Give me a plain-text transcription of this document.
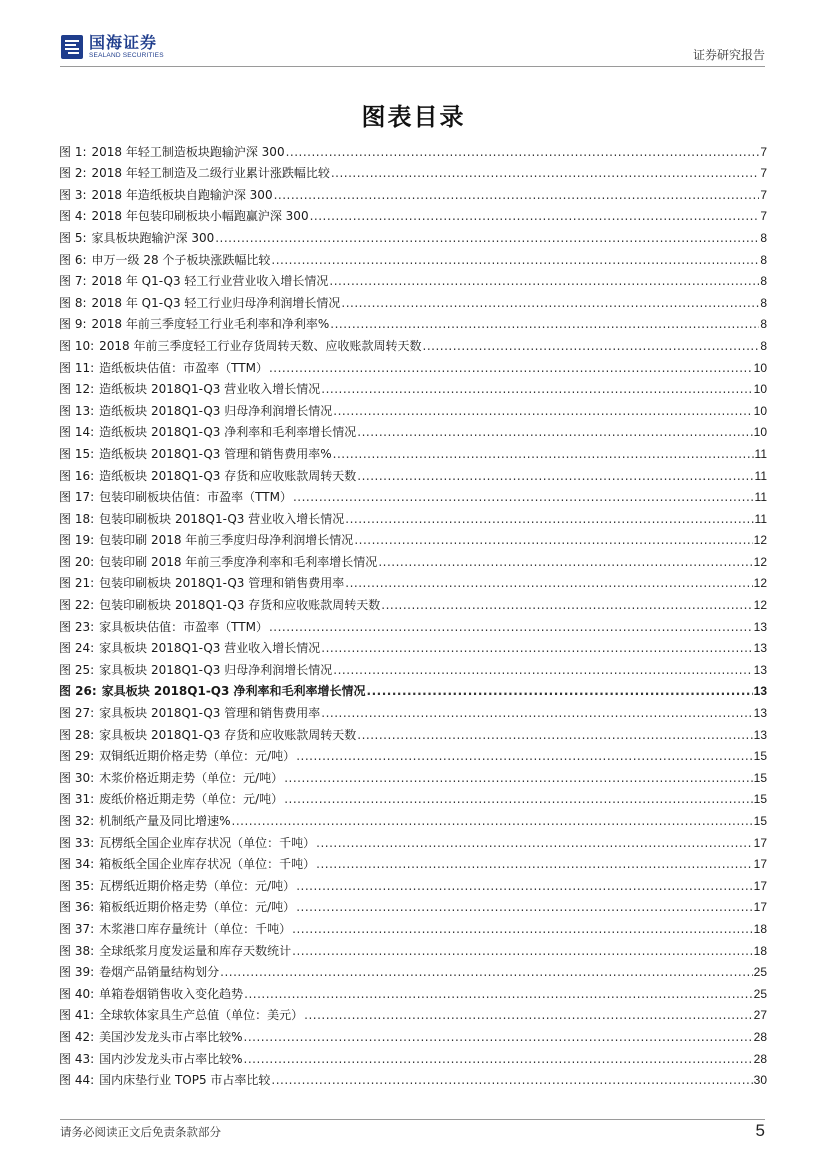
国海证券
SEALAND SECURITIES	证券研究报告
图表目录
图 1: 2018 年轻工制造板块跑输沪深 300 .....	7
图 2: 2018 年轻工制造及二级行业累计涨跌幅比较 .....	7
图 3: 2018 年造纸板块自跑输沪深 300 .....	7
图 4: 2018 年包装印刷板块小幅跑赢沪深 300 .....	7
图 5: 家具板块跑输沪深 300 .....	8
图 6: 申万一级 28 个子板块涨跌幅比较 .....	8
图 7: 2018 年 Q1-Q3 轻工行业营业收入增长情况 .....	8
图 8: 2018 年 Q1-Q3 轻工行业归母净利润增长情况 .....	8
图 9: 2018 年前三季度轻工行业毛利率和净利率% .....	8
图 10: 2018 年前三季度轻工行业存货周转天数、应收账款周转天数 .....	8
图 11: 造纸板块估值：市盈率（TTM） .....	10
图 12: 造纸板块 2018Q1-Q3 营业收入增长情况 .....	10
图 13: 造纸板块 2018Q1-Q3 归母净利润增长情况 .....	10
图 14: 造纸板块 2018Q1-Q3 净利率和毛利率增长情况 .....	10
图 15: 造纸板块 2018Q1-Q3 管理和销售费用率% .....	11
图 16: 造纸板块 2018Q1-Q3 存货和应收账款周转天数 .....	11
图 17: 包装印刷板块估值：市盈率（TTM） .....	11
图 18: 包装印刷板块 2018Q1-Q3 营业收入增长情况 .....	11
图 19: 包装印刷 2018 年前三季度归母净利润增长情况 .....	12
图 20: 包装印刷 2018 年前三季度净利率和毛利率增长情况 .....	12
图 21: 包装印刷板块 2018Q1-Q3 管理和销售费用率 .....	12
图 22: 包装印刷板块 2018Q1-Q3 存货和应收账款周转天数 .....	12
图 23: 家具板块估值：市盈率（TTM） .....	13
图 24: 家具板块 2018Q1-Q3 营业收入增长情况 .....	13
图 25: 家具板块 2018Q1-Q3 归母净利润增长情况 .....	13
图 26: 家具板块 2018Q1-Q3 净利率和毛利率增长情况 .....	13
图 27: 家具板块 2018Q1-Q3 管理和销售费用率 .....	13
图 28: 家具板块 2018Q1-Q3 存货和应收账款周转天数 .....	13
图 29: 双铜纸近期价格走势（单位：元/吨） .....	15
图 30: 木浆价格近期走势（单位：元/吨） .....	15
图 31: 废纸价格近期走势（单位：元/吨） .....	15
图 32: 机制纸产量及同比增速% .....	15
图 33: 瓦楞纸全国企业库存状况（单位：千吨） .....	17
图 34: 箱板纸全国企业库存状况（单位：千吨） .....	17
图 35: 瓦楞纸近期价格走势（单位：元/吨） .....	17
图 36: 箱板纸近期价格走势（单位：元/吨） .....	17
图 37: 木浆港口库存量统计（单位：千吨） .....	18
图 38: 全球纸浆月度发运量和库存天数统计 .....	18
图 39: 卷烟产品销量结构划分 .....	25
图 40: 单箱卷烟销售收入变化趋势 .....	25
图 41: 全球软体家具生产总值（单位：美元） .....	27
图 42: 美国沙发龙头市占率比较% .....	28
图 43: 国内沙发龙头市占率比较% .....	28
图 44: 国内床垫行业 TOP5 市占率比较 .....	30
请务必阅读正文后免责条款部分	5
